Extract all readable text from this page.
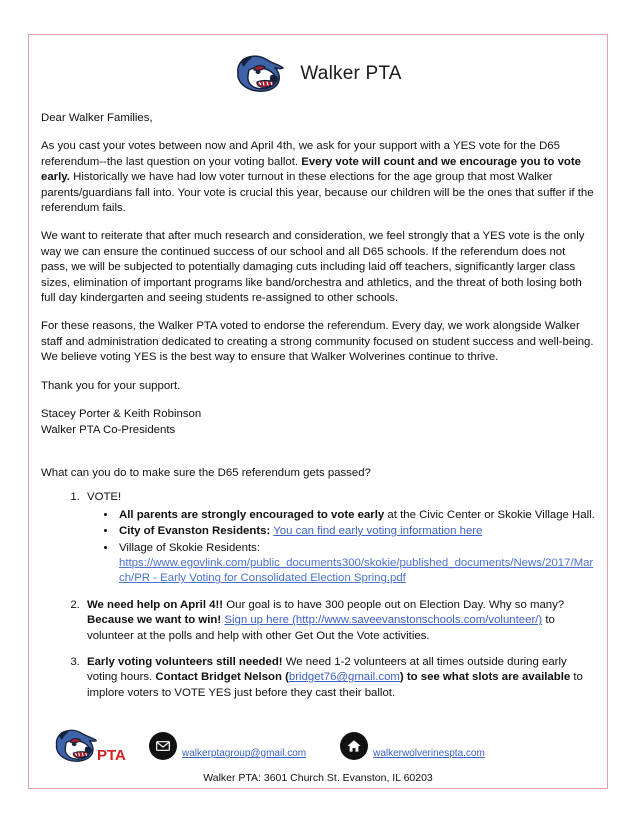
Walker PTA

Dear Walker Families,

As you cast your votes between now and April 4th, we ask for your support with a YES vote for the D65 referendum--the last question on your voting ballot. Every vote will count and we encourage you to vote early. Historically we have had low voter turnout in these elections for the age group that most Walker parents/guardians fall into. Your vote is crucial this year, because our children will be the ones that suffer if the referendum fails.

We want to reiterate that after much research and consideration, we feel strongly that a YES vote is the only way we can ensure the continued success of our school and all D65 schools. If the referendum does not pass, we will be subjected to potentially damaging cuts including laid off teachers, significantly larger class sizes, elimination of important programs like band/orchestra and athletics, and the threat of both losing both full day kindergarten and seeing students re-assigned to other schools.

For these reasons, the Walker PTA voted to endorse the referendum. Every day, we work alongside Walker staff and administration dedicated to creating a strong community focused on student success and well-being. We believe voting YES is the best way to ensure that Walker Wolverines continue to thrive.

Thank you for your support.

Stacey Porter & Keith Robinson

Walker PTA Co-Presidents

What can you do to make sure the D65 referendum gets passed?

1. VOTE!
• All parents are strongly encouraged to vote early at the Civic Center or Skokie Village Hall.
• City of Evanston Residents: You can find early voting information here
• Village of Skokie Residents:
https://www.egovlink.com/public_documents300/skokie/published_documents/News/2017/March/PR - Early Voting for Consolidated Election Spring.pdf
2. We need help on April 4!! Our goal is to have 300 people out on Election Day. Why so many? Because we want to win! Sign up here (http://www.saveevanstonschools.com/volunteer/) to volunteer at the polls and help with other Get Out the Vote activities.
3. Early voting volunteers still needed! We need 1-2 volunteers at all times outside during early voting hours. Contact Bridget Nelson (bridget76@gmail.com) to see what slots are available to implore voters to VOTE YES just before they cast their ballot.
PTA	walkerptagroup@gmail.com	walkerwolverinespta.com
Walker PTA: 3601 Church St. Evanston, IL 60203
